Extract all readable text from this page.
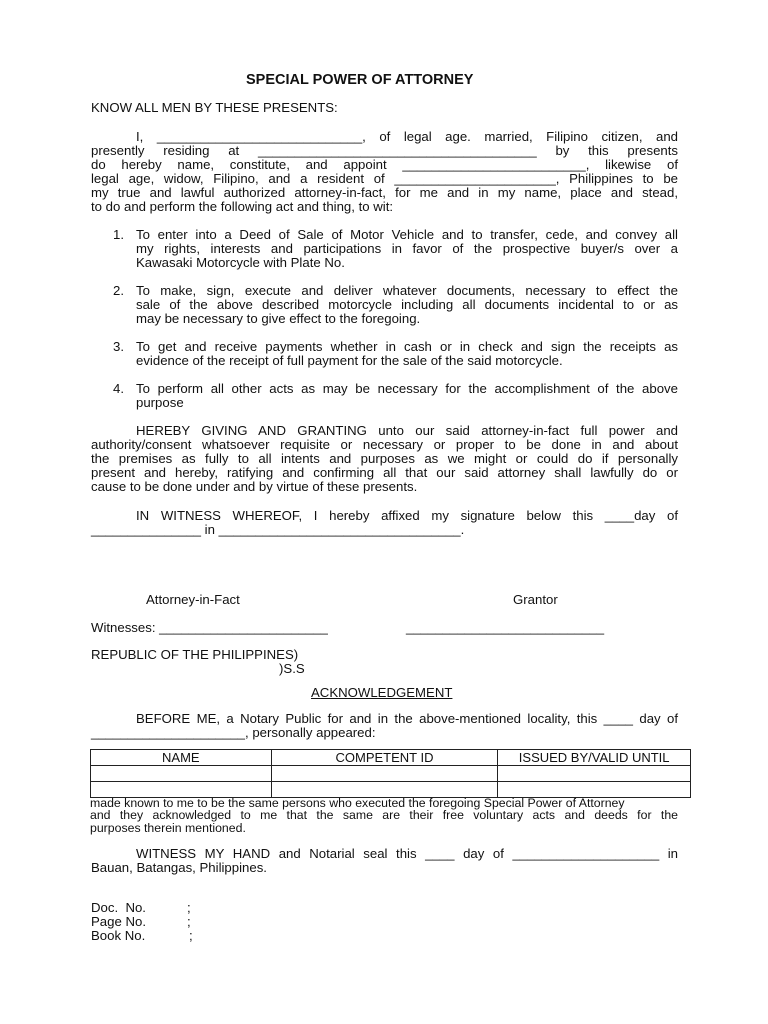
SPECIAL POWER OF ATTORNEY
KNOW ALL MEN BY THESE PRESENTS:
I, ____________________________, of legal age. married, Filipino citizen, and
presently residing at ______________________________________ by this presents
do hereby name, constitute, and appoint _________________________, likewise of
legal age, widow, Filipino, and a resident of ______________________, Philippines to be
my true and lawful authorized attorney-in-fact, for me and in my name, place and stead,
to do and perform the following act and thing, to wit:
1. To enter into a Deed of Sale of Motor Vehicle and to transfer, cede, and convey all
my rights, interests and participations in favor of the prospective buyer/s over a
Kawasaki Motorcycle with Plate No.
2. To make, sign, execute and deliver whatever documents, necessary to effect the
sale of the above described motorcycle including all documents incidental to or as
may be necessary to give effect to the foregoing.
3. To get and receive payments whether in cash or in check and sign the receipts as
evidence of the receipt of full payment for the sale of the said motorcycle.
4. To perform all other acts as may be necessary for the accomplishment of the above
purpose
HEREBY GIVING AND GRANTING unto our said attorney-in-fact full power and
authority/consent whatsoever requisite or necessary or proper to be done in and about
the premises as fully to all intents and purposes as we might or could do if personally
present and hereby, ratifying and confirming all that our said attorney shall lawfully do or
cause to be done under and by virtue of these presents.
IN WITNESS WHEREOF, I hereby affixed my signature below this ____day of
_______________ in _________________________________.
Attorney-in-Fact	Grantor
Witnesses: _______________________	___________________________
REPUBLIC OF THE PHILIPPINES)
)S.S
ACKNOWLEDGEMENT
BEFORE ME, a Notary Public for and in the above-mentioned locality, this ____ day of
_____________________, personally appeared:
NAME	COMPETENT ID	ISSUED BY/VALID UNTIL

made known to me to be the same persons who executed the foregoing Special Power of Attorney
and they acknowledged to me that the same are their free voluntary acts and deeds for the
purposes therein mentioned.
WITNESS MY HAND and Notarial seal this ____ day of ____________________ in
Bauan, Batangas, Philippines.
Doc.  No.	;
Page No.	;
Book No.	;
